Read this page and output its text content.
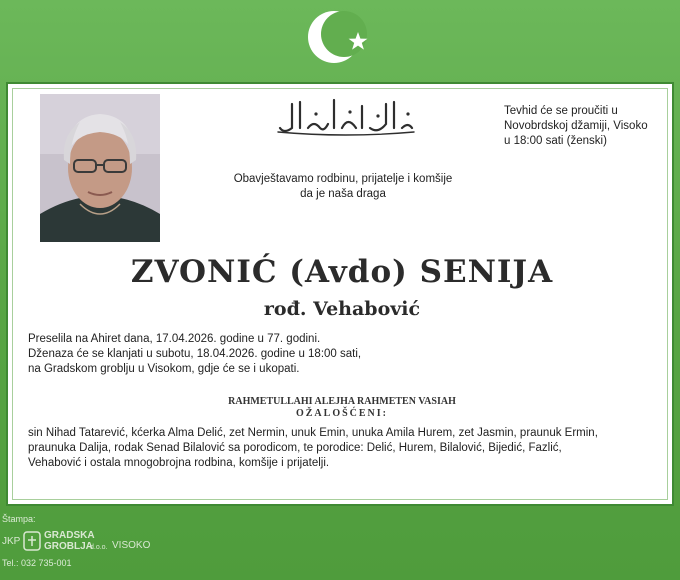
Tevhid će se proučiti u
Novobrdskoj džamiji, Visoko
u 18:00 sati (ženski)
Obavještavamo rodbinu, prijatelje i komšije
da je naša draga
ZVONIĆ (Avdo) SENIJA
rođ. Vehabović
Preselila na Ahiret dana, 17.04.2026. godine u 77. godini.
Dženaza će se klanjati u subotu, 18.04.2026. godine u 18:00 sati,
na Gradskom groblju u Visokom, gdje će se i ukopati.
RAHMETULLAHI ALEJHA RAHMETEN VASIAH
OŽALOŠĆENI:
sin Nihad Tatarević, kćerka Alma Delić, zet Nermin, unuk Emin, unuka Amila Hurem, zet Jasmin, praunuk Ermin,
praunuka Dalija, rodak Senad Bilalović sa porodicom, te porodice: Delić, Hurem, Bilalović, Bijedić, Fazlić,
Vehabović i ostala mnogobrojna rodbina, komšije i prijatelji.
Štampa:
JKP
GRADSKA
GROBLJA
d.o.o. VISOKO
Tel.: 032 735-001
